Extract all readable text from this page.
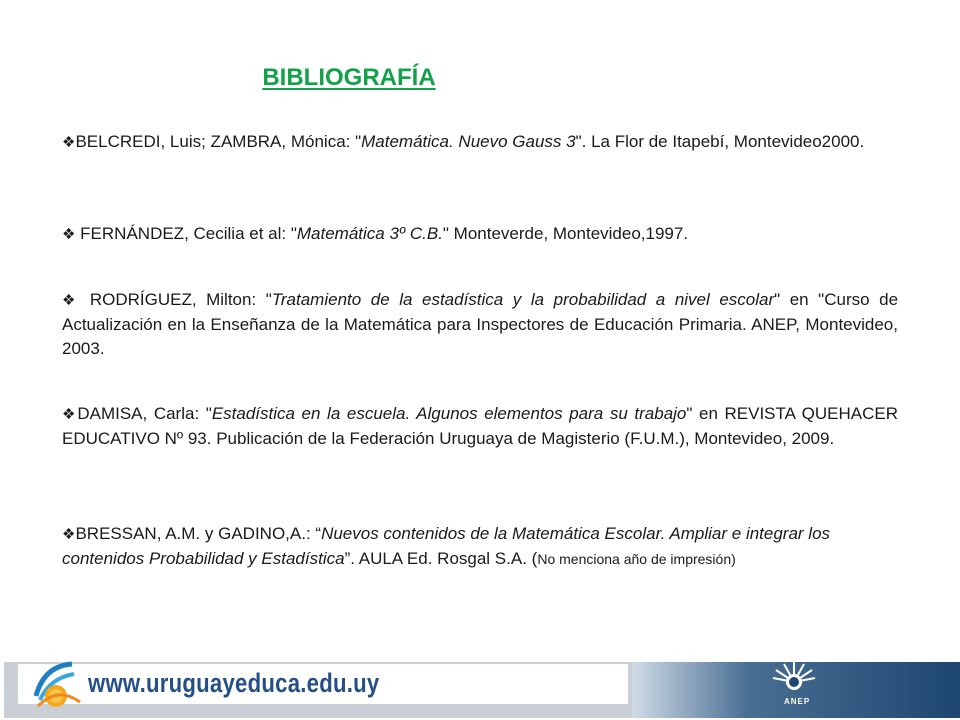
BIBLIOGRAFÍA

❖BELCREDI, Luis; ZAMBRA, Mónica: "Matemática. Nuevo Gauss 3". La Flor de Itapebí, Montevideo2000.

❖ FERNÁNDEZ, Cecilia et al: "Matemática 3º C.B." Monteverde, Montevideo,1997.

❖ RODRÍGUEZ, Milton: "Tratamiento de la estadística y la probabilidad a nivel escolar" en "Curso de Actualización en la Enseñanza de la Matemática para Inspectores de Educación Primaria. ANEP, Montevideo, 2003.

❖DAMISA, Carla: "Estadística en la escuela. Algunos elementos para su trabajo" en REVISTA QUEHACER EDUCATIVO Nº 93. Publicación de la Federación Uruguaya de Magisterio (F.U.M.), Montevideo, 2009.

❖BRESSAN, A.M. y GADINO,A.: “Nuevos contenidos de la Matemática Escolar. Ampliar e integrar los contenidos Probabilidad y Estadística”. AULA Ed. Rosgal S.A. (No menciona año de impresión)

www.uruguayeduca.edu.uy
ANEP
